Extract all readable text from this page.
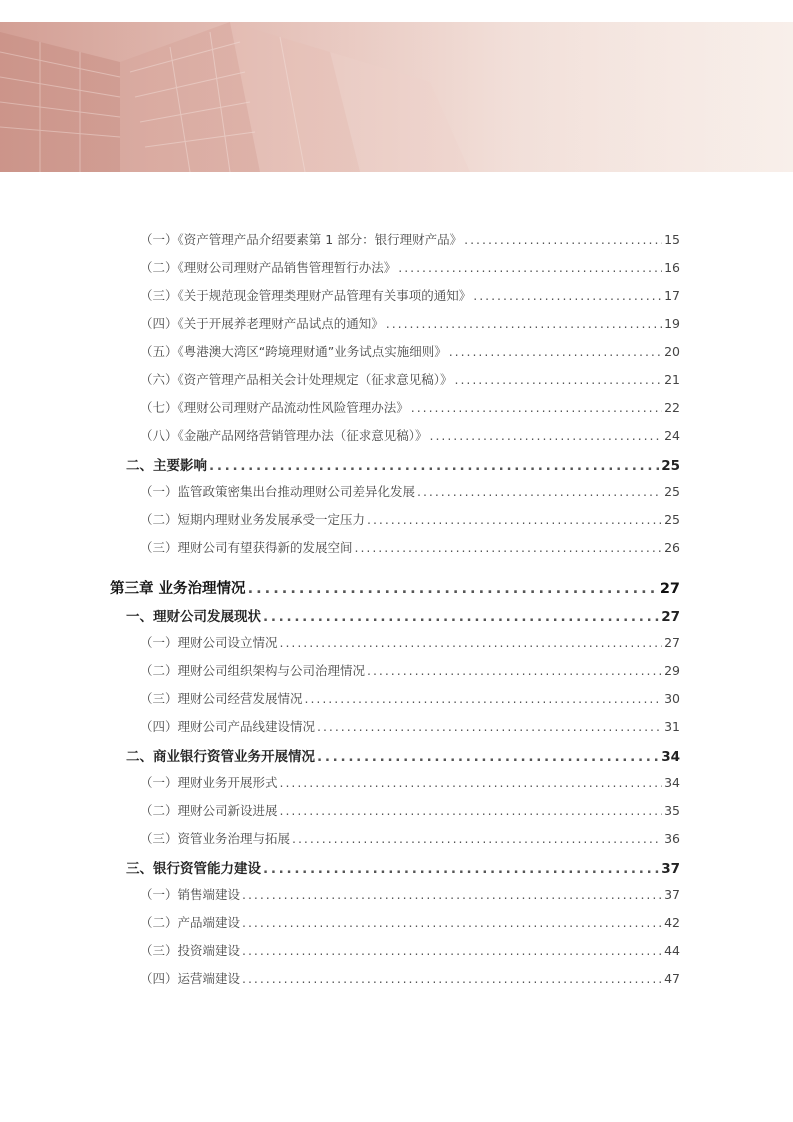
（一）《资产管理产品介绍要素第 1 部分：银行理财产品》 . . .	15
（二）《理财公司理财产品销售管理暂行办法》 . . .	16
（三）《关于规范现金管理类理财产品管理有关事项的通知》 . . .	17
（四）《关于开展养老理财产品试点的通知》 . . .	19
（五）《粤港澳大湾区“跨境理财通”业务试点实施细则》 . . .	20
（六）《资产管理产品相关会计处理规定（征求意见稿）》 . . .	21
（七）《理财公司理财产品流动性风险管理办法》 . . .	22
（八）《金融产品网络营销管理办法（征求意见稿）》 . . .	24
二、主要影响 . . .	25
（一）监管政策密集出台推动理财公司差异化发展 . . .	25
（二）短期内理财业务发展承受一定压力 . . .	25
（三）理财公司有望获得新的发展空间 . . .	26
第三章 业务治理情况 . . .	27
一、理财公司发展现状 . . .	27
（一）理财公司设立情况 . . .	27
（二）理财公司组织架构与公司治理情况 . . .	29
（三）理财公司经营发展情况 . . .	30
（四）理财公司产品线建设情况 . . .	31
二、商业银行资管业务开展情况 . . .	34
（一）理财业务开展形式 . . .	34
（二）理财公司新设进展 . . .	35
（三）资管业务治理与拓展 . . .	36
三、银行资管能力建设 . . .	37
（一）销售端建设 . . .	37
（二）产品端建设 . . .	42
（三）投资端建设 . . .	44
（四）运营端建设 . . .	47
